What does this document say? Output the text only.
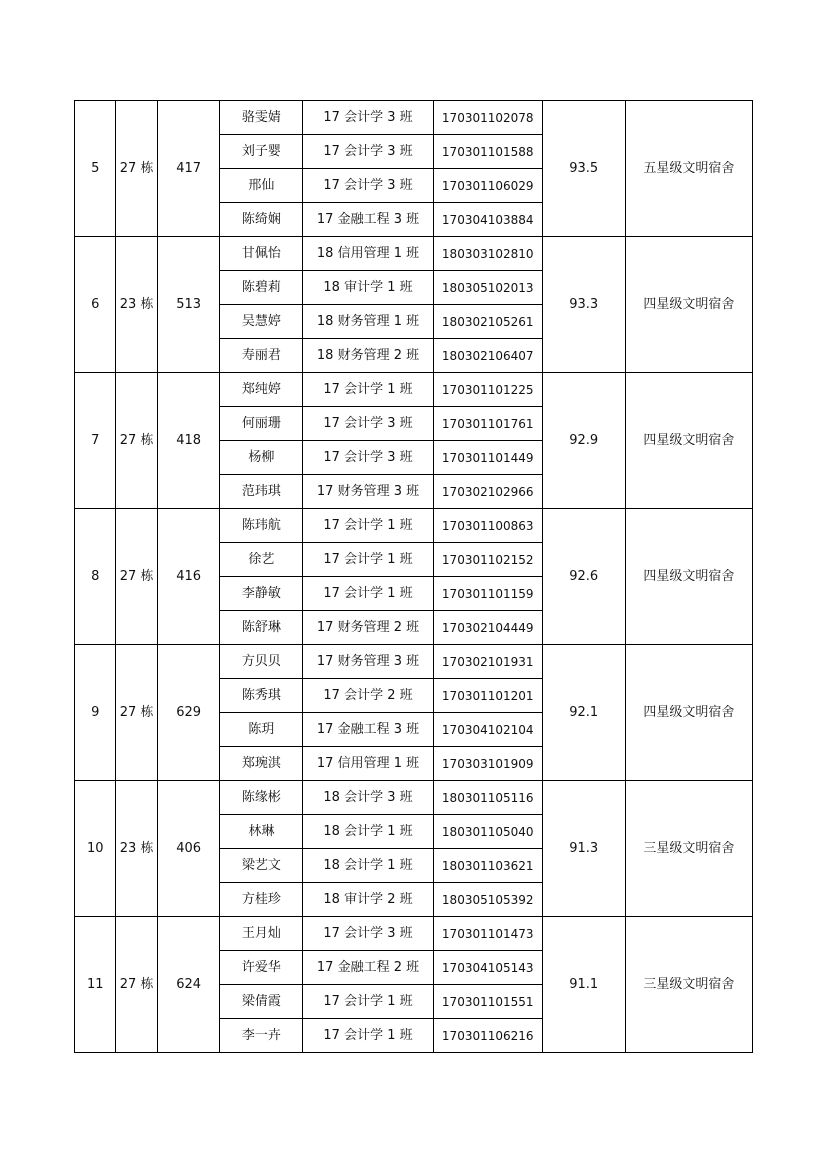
5	27 栋	417	骆雯婧	17 会计学 3 班	170301102078	93.5	五星级文明宿舍
			刘子婴	17 会计学 3 班	170301101588		
			邢仙	17 会计学 3 班	170301106029		
			陈绮娴	17 金融工程 3 班	170304103884		
6	23 栋	513	甘佩怡	18 信用管理 1 班	180303102810	93.3	四星级文明宿舍
			陈碧莉	18 审计学 1 班	180305102013		
			吴慧婷	18 财务管理 1 班	180302105261		
			寿丽君	18 财务管理 2 班	180302106407		
7	27 栋	418	郑纯婷	17 会计学 1 班	170301101225	92.9	四星级文明宿舍
			何丽珊	17 会计学 3 班	170301101761		
			杨柳	17 会计学 3 班	170301101449		
			范玮琪	17 财务管理 3 班	170302102966		
8	27 栋	416	陈玮航	17 会计学 1 班	170301100863	92.6	四星级文明宿舍
			徐艺	17 会计学 1 班	170301102152		
			李静敏	17 会计学 1 班	170301101159		
			陈舒琳	17 财务管理 2 班	170302104449		
9	27 栋	629	方贝贝	17 财务管理 3 班	170302101931	92.1	四星级文明宿舍
			陈秀琪	17 会计学 2 班	170301101201		
			陈玥	17 金融工程 3 班	170304102104		
			郑琬淇	17 信用管理 1 班	170303101909		
10	23 栋	406	陈缘彬	18 会计学 3 班	180301105116	91.3	三星级文明宿舍
			林琳	18 会计学 1 班	180301105040		
			梁艺文	18 会计学 1 班	180301103621		
			方桂珍	18 审计学 2 班	180305105392		
11	27 栋	624	王月灿	17 会计学 3 班	170301101473	91.1	三星级文明宿舍
			许爱华	17 金融工程 2 班	170304105143		
			梁倩霞	17 会计学 1 班	170301101551		
			李一卉	17 会计学 1 班	170301106216		
